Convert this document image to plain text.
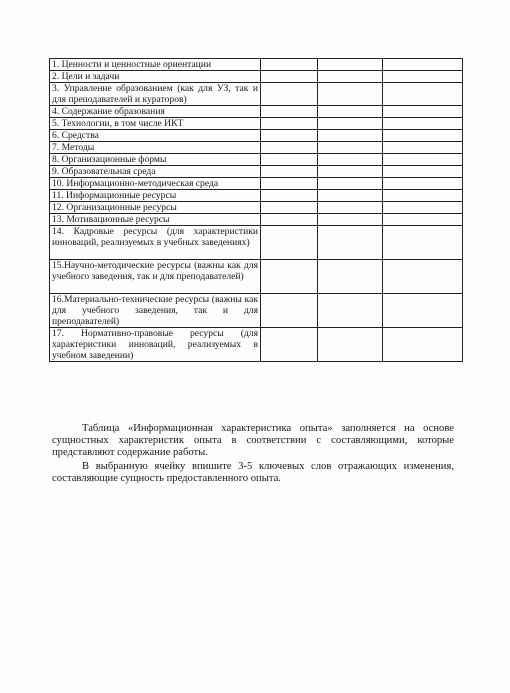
1. Ценности и ценностные ориентации			
2. Цели и задачи			
3. Управление образованием (как для УЗ, так и для преподавателей и кураторов)			
4. Содержание образования			
5. Технологии, в том числе ИКТ			
6. Средства			
7. Методы			
8. Организационные формы			
9. Образовательная среда			
10. Информационно-методическая среда			
11. Информационные ресурсы			
12. Организационные ресурсы			
13. Мотивационные ресурсы			
14. Кадровые ресурсы (для характеристики инноваций, реализуемых в учебных заведениях)			
15.Научно-методические ресурсы (важны как для учебного заведения, так и для преподавателей)			
16.Материально-технические ресурсы (важны как для учебного заведения, так и для преподавателей)			
17. Нормативно-правовые ресурсы (для характеристики инноваций, реализуемых в учебном заведении)			

Таблица «Информационная характеристика опыта» заполняется на основе сущностных характеристик опыта в соответствии с составляющими, которые представляют содержание работы.

В выбранную ячейку впишите 3-5 ключевых слов отражающих изменения, составляющие сущность предоставленного опыта.
